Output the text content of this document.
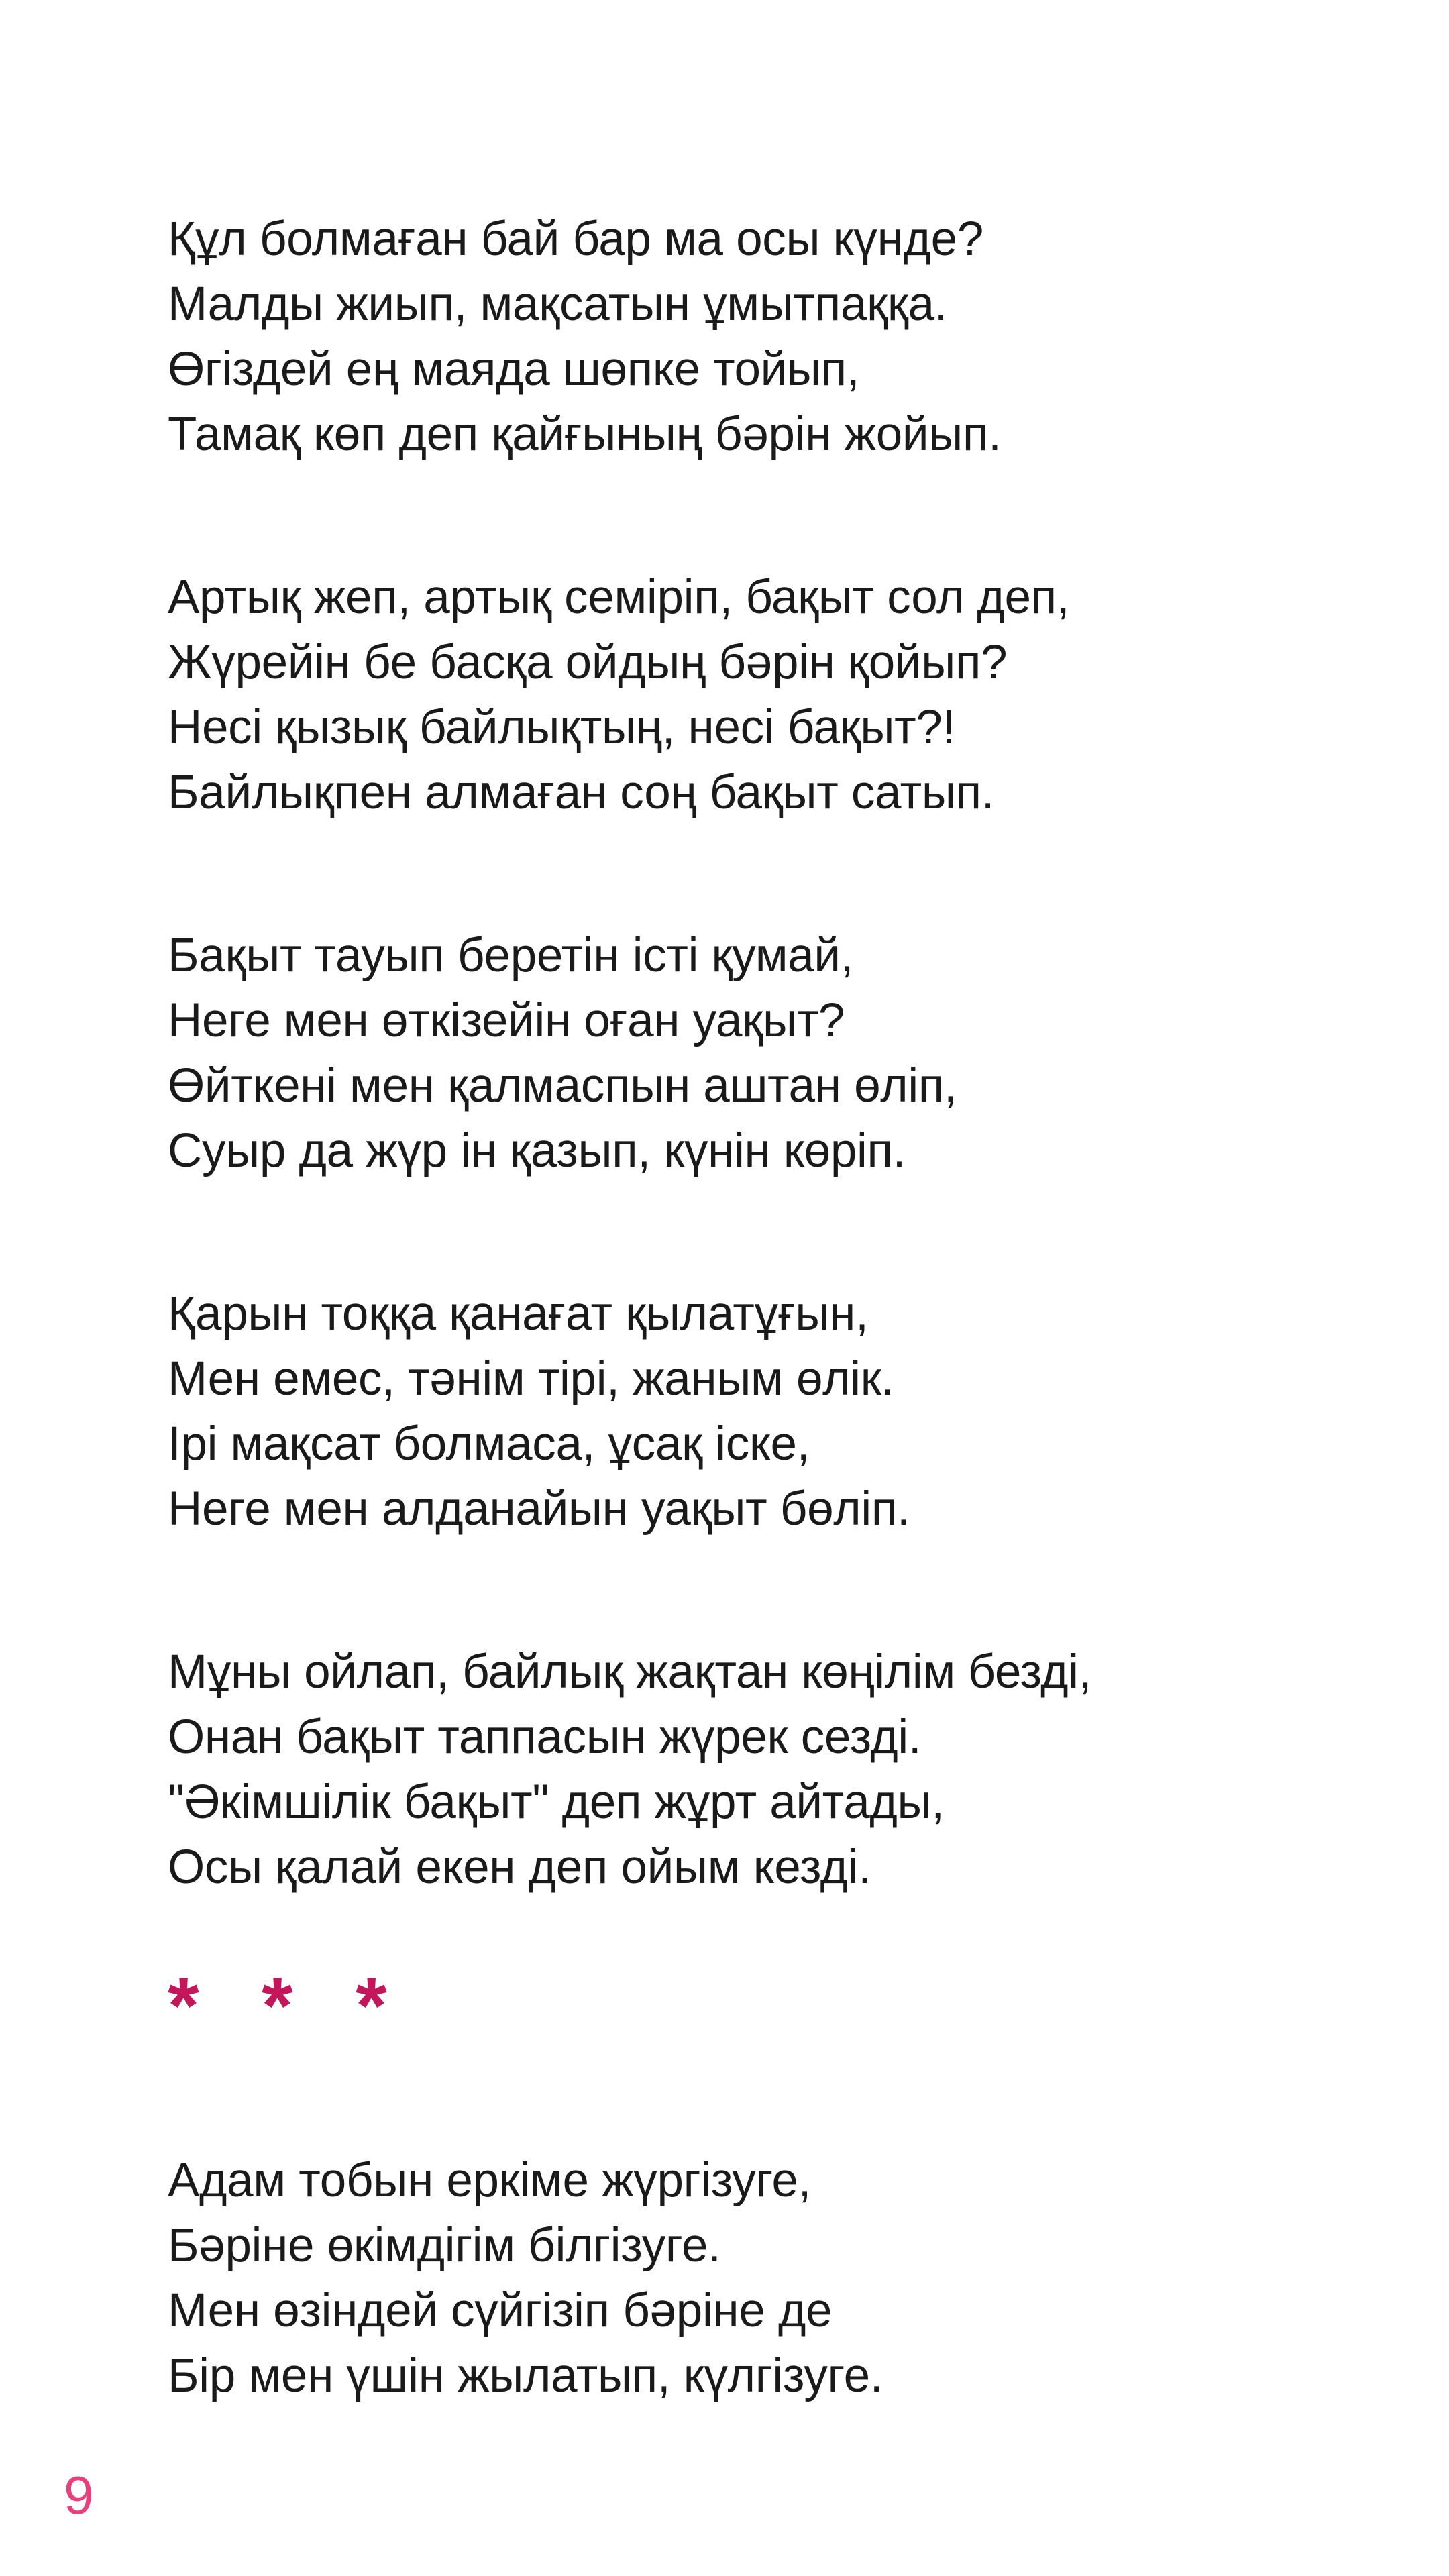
Құл болмаған бай бар ма осы күнде?
Малды жиып, мақсатын ұмытпаққа.
Өгіздей ең маяда шөпке тойып,
Тамақ көп деп қайғының бәрін жойып.
Артық жеп, артық семіріп, бақыт сол деп,
Жүрейін бе басқа ойдың бәрін қойып?
Несі қызық байлықтың, несі бақыт?!
Байлықпен алмаған соң бақыт сатып.
Бақыт тауып беретін істі қумай,
Неге мен өткізейін оған уақыт?
Өйткені мен қалмаспын аштан өліп,
Суыр да жүр ін қазып, күнін көріп.
Қарын тоққа қанағат қылатұғын,
Мен емес, тәнім тірі, жаным өлік.
Ірі мақсат болмаса, ұсақ іске,
Неге мен алданайын уақыт бөліп.
Мұны ойлап, байлық жақтан көңілім безді,
Онан бақыт таппасын жүрек сезді.
"Әкімшілік бақыт" деп жұрт айтады,
Осы қалай екен деп ойым кезді.
* * *
Адам тобын еркіме жүргізуге,
Бәріне өкімдігім білгізуге.
Мен өзіндей сүйгізіп бәріне де
Бір мен үшін жылатып, күлгізуге.
9
